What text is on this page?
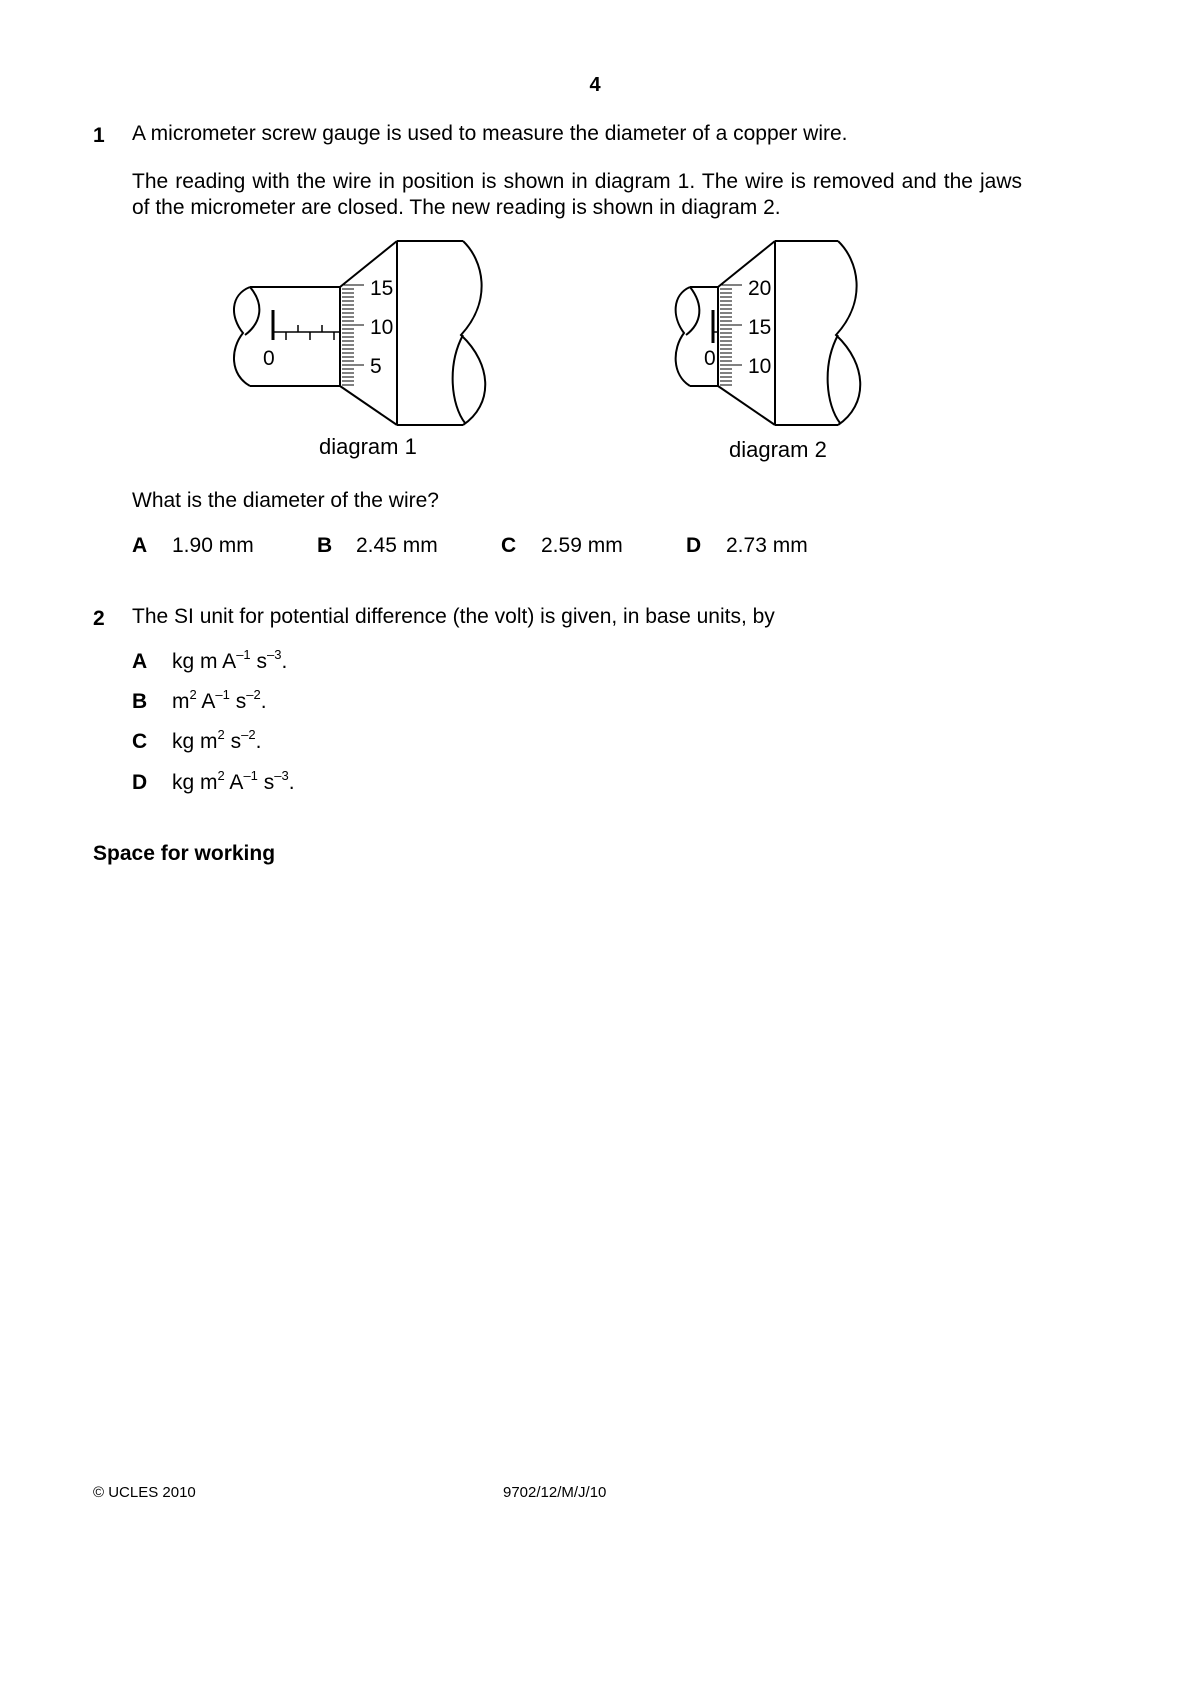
4
1 A micrometer screw gauge is used to measure the diameter of a copper wire.
The reading with the wire in position is shown in diagram 1. The wire is removed and the jaws of the micrometer are closed. The new reading is shown in diagram 2.
0
15
10
5
diagram 1
0
20
15
10
diagram 2
What is the diameter of the wire?
A 1.90 mm	B 2.45 mm	C 2.59 mm	D 2.73 mm
2 The SI unit for potential difference (the volt) is given, in base units, by
A kg m $A^{-1}$ $s^{-3}$.
B $m^2$ $A^{-1}$ $s^{-2}$.
C kg $m^2$ $s^{-2}$.
D kg $m^2$ $A^{-1}$ $s^{-3}$.
Space for working
© UCLES 2010	9702/12/M/J/10
